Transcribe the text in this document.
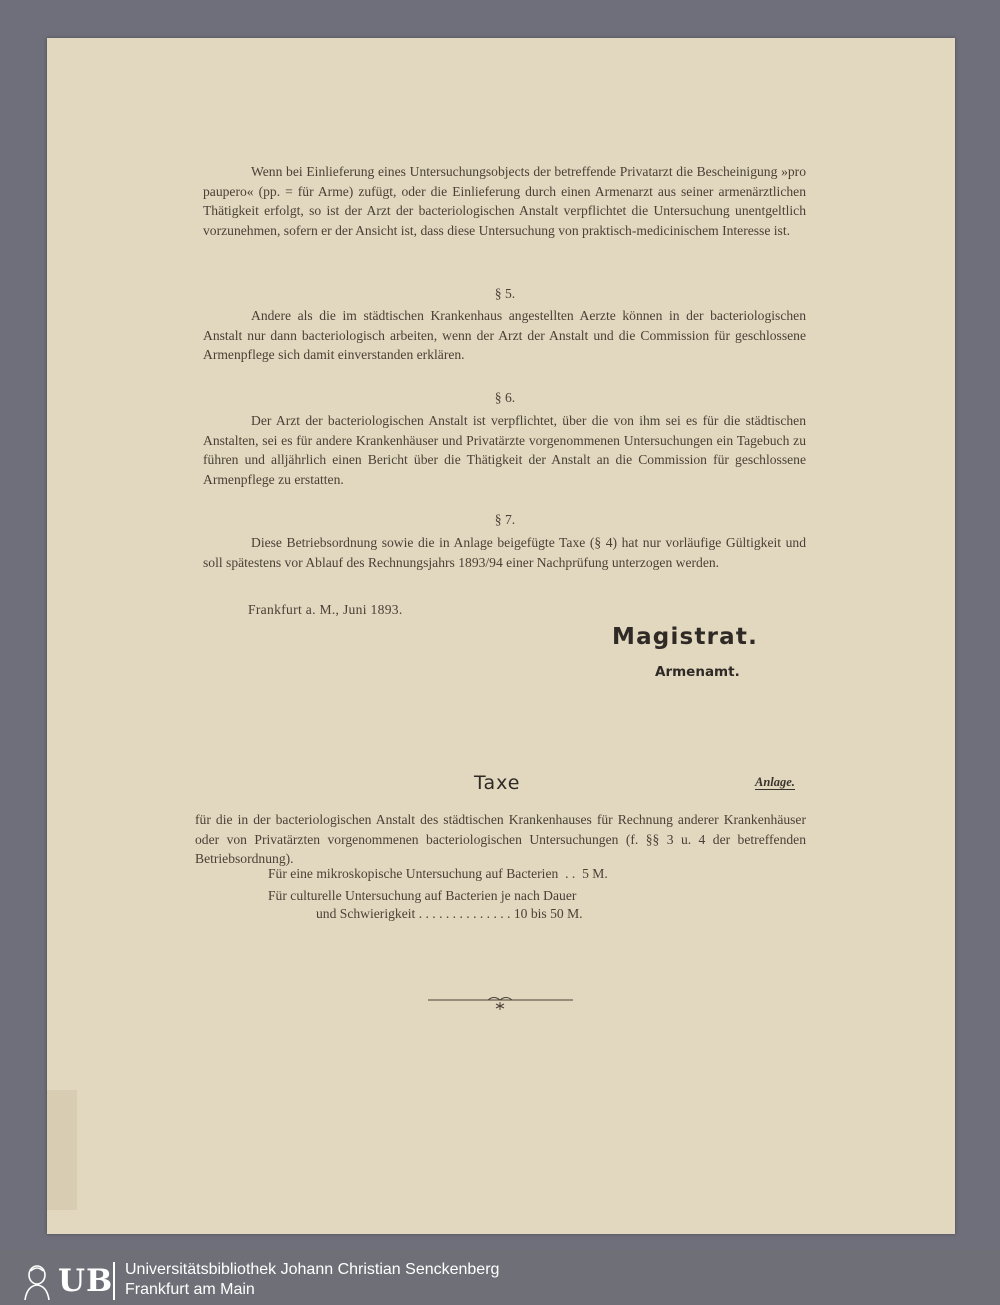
Wenn bei Einlieferung eines Untersuchungsobjects der betreffende Privatarzt die Bescheinigung »pro paupero« (pp. = für Arme) zufügt, oder die Einlieferung durch einen Armenarzt aus seiner armenärztlichen Thätigkeit erfolgt, so ist der Arzt der bacteriologischen Anstalt verpflichtet die Untersuchung unentgeltlich vorzunehmen, sofern er der Ansicht ist, dass diese Untersuchung von praktisch-medicinischem Interesse ist.
§ 5.
Andere als die im städtischen Krankenhaus angestellten Aerzte können in der bacteriologischen Anstalt nur dann bacteriologisch arbeiten, wenn der Arzt der Anstalt und die Commission für geschlossene Armenpflege sich damit einverstanden erklären.
§ 6.
Der Arzt der bacteriologischen Anstalt ist verpflichtet, über die von ihm sei es für die städtischen Anstalten, sei es für andere Krankenhäuser und Privatärzte vorgenommenen Untersuchungen ein Tagebuch zu führen und alljährlich einen Bericht über die Thätigkeit der Anstalt an die Commission für geschlossene Armenpflege zu erstatten.
§ 7.
Diese Betriebsordnung sowie die in Anlage beigefügte Taxe (§ 4) hat nur vorläufige Gültigkeit und soll spätestens vor Ablauf des Rechnungsjahrs 1893/94 einer Nachprüfung unterzogen werden.
Frankfurt a. M., Juni 1893.
Magistrat.
Armenamt.
Taxe	Anlage.
für die in der bacteriologischen Anstalt des städtischen Krankenhauses für Rechnung anderer Krankenhäuser oder von Privatärzten vorgenommenen bacteriologischen Untersuchungen (f. §§ 3 u. 4 der betreffenden Betriebsordnung).
Für eine mikroskopische Untersuchung auf Bacterien  . .  5 M.
Für culturelle Untersuchung auf Bacterien je nach Dauer
und Schwierigkeit . . . . . . . . . . . . . . 10 bis 50 M.
UB Universitätsbibliothek Johann Christian Senckenberg
Frankfurt am Main
